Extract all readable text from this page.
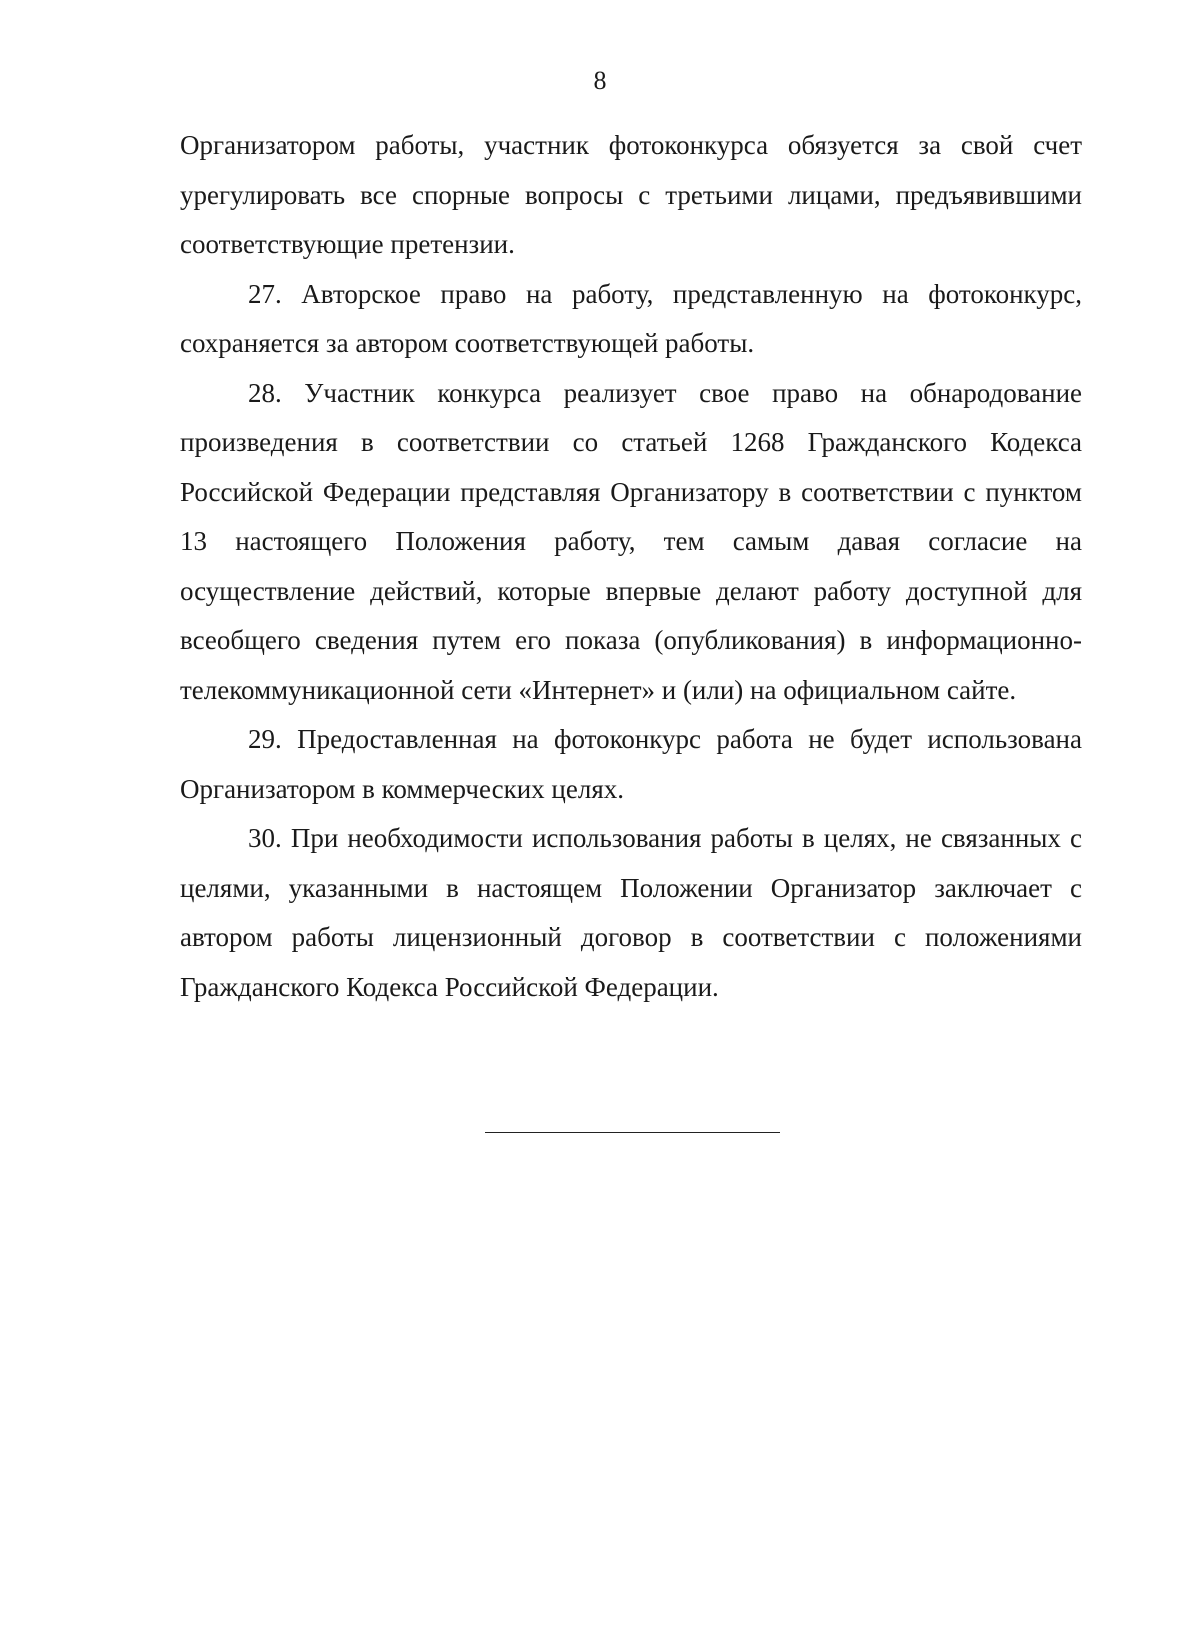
8

Организатором работы, участник фотоконкурса обязуется за свой счет урегулировать все спорные вопросы с третьими лицами, предъявившими соответствующие претензии.

27. Авторское право на работу, представленную на фотоконкурс, сохраняется за автором соответствующей работы.

28. Участник конкурса реализует свое право на обнародование произведения в соответствии со статьей 1268 Гражданского Кодекса Российской Федерации представляя Организатору в соответствии с пунктом 13 настоящего Положения работу, тем самым давая согласие на осуществление действий, которые впервые делают работу доступной для всеобщего сведения путем его показа (опубликования) в информационно-телекоммуникационной сети «Интернет» и (или) на официальном сайте.

29. Предоставленная на фотоконкурс работа не будет использована Организатором в коммерческих целях.

30. При необходимости использования работы в целях, не связанных с целями, указанными в настоящем Положении Организатор заключает с автором работы лицензионный договор в соответствии с положениями Гражданского Кодекса Российской Федерации.
